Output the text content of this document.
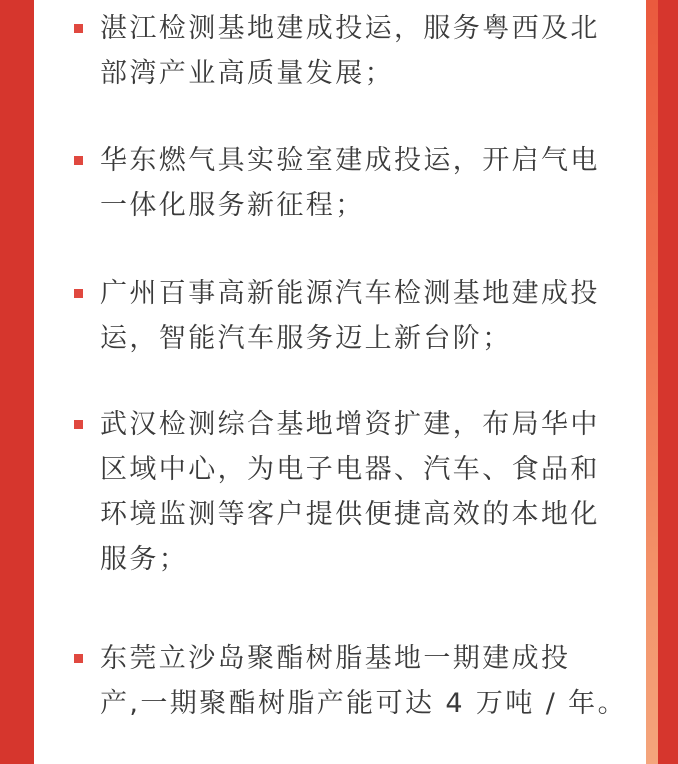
湛江检测基地建成投运，服务粤西及北
部湾产业高质量发展；
华东燃气具实验室建成投运，开启气电
一体化服务新征程；
广州百事高新能源汽车检测基地建成投
运，智能汽车服务迈上新台阶；
武汉检测综合基地增资扩建，布局华中
区域中心，为电子电器、汽车、食品和
环境监测等客户提供便捷高效的本地化
服务；
东莞立沙岛聚酯树脂基地一期建成投
产,一期聚酯树脂产能可达 4 万吨 / 年。
